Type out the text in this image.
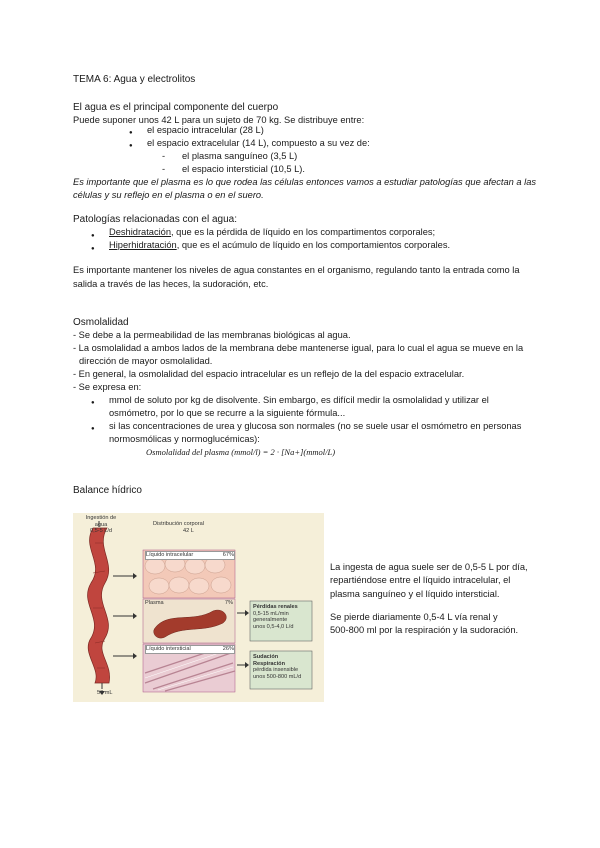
TEMA 6: Agua y electrolitos
El agua es el principal componente del cuerpo
Puede suponer unos 42 L para un sujeto de 70 kg. Se distribuye entre:
el espacio intracelular (28 L)
el espacio extracelular (14 L), compuesto a su vez de:
- el plasma sanguíneo (3,5 L)
- el espacio intersticial (10,5 L).
Es importante que el plasma es lo que rodea las células entonces vamos a estudiar patologías que afectan a las
células y su reflejo en el plasma o en el suero.
Patologías relacionadas con el agua:
Deshidratación, que es la pérdida de líquido en los compartimentos corporales;
Hiperhidratación, que es el acúmulo de líquido en los comportamientos corporales.
Es importante mantener los niveles de agua constantes en el organismo, regulando tanto la entrada como la
salida a través de las heces, la sudoración, etc.
Osmolalidad
- Se debe a la permeabilidad de las membranas biológicas al agua.
- La osmolalidad a ambos lados de la membrana debe mantenerse igual, para lo cual el agua se mueve en la
dirección de mayor osmolalidad.
- En general, la osmolalidad del espacio intracelular es un reflejo de la del espacio extracelular.
- Se expresa en:
mmol de soluto por kg de disolvente. Sin embargo, es difícil medir la osmolalidad y utilizar el
osmómetro, por lo que se recurre a la siguiente fórmula...
si las concentraciones de urea y glucosa son normales (no se suele usar el osmómetro en personas
normosmólicas y normoglucémicas):
Osmolalidad del plasma (mmol/l) = 2 · [Na+](mmol/L)
Balance hídrico
Ingestión de
agua
0,5-5 L/d
Distribución corporal
42 L
Líquido intracelular	67%
Plasma	7%
Líquido intersticial	26%
Pérdidas renales
0,5-15 mL/min
generalmente
unos 0,5-4,0 L/d
Sudación
Respiración
pérdida insensible
unos 500-800 mL/d
50 mL
La ingesta de agua suele ser de 0,5-5 L por día,
repartiéndose entre el líquido intracelular, el
plasma sanguíneo y el líquido intersticial.
Se pierde diariamente 0,5-4 L vía renal y
500-800 ml por la respiración y la sudoración.
